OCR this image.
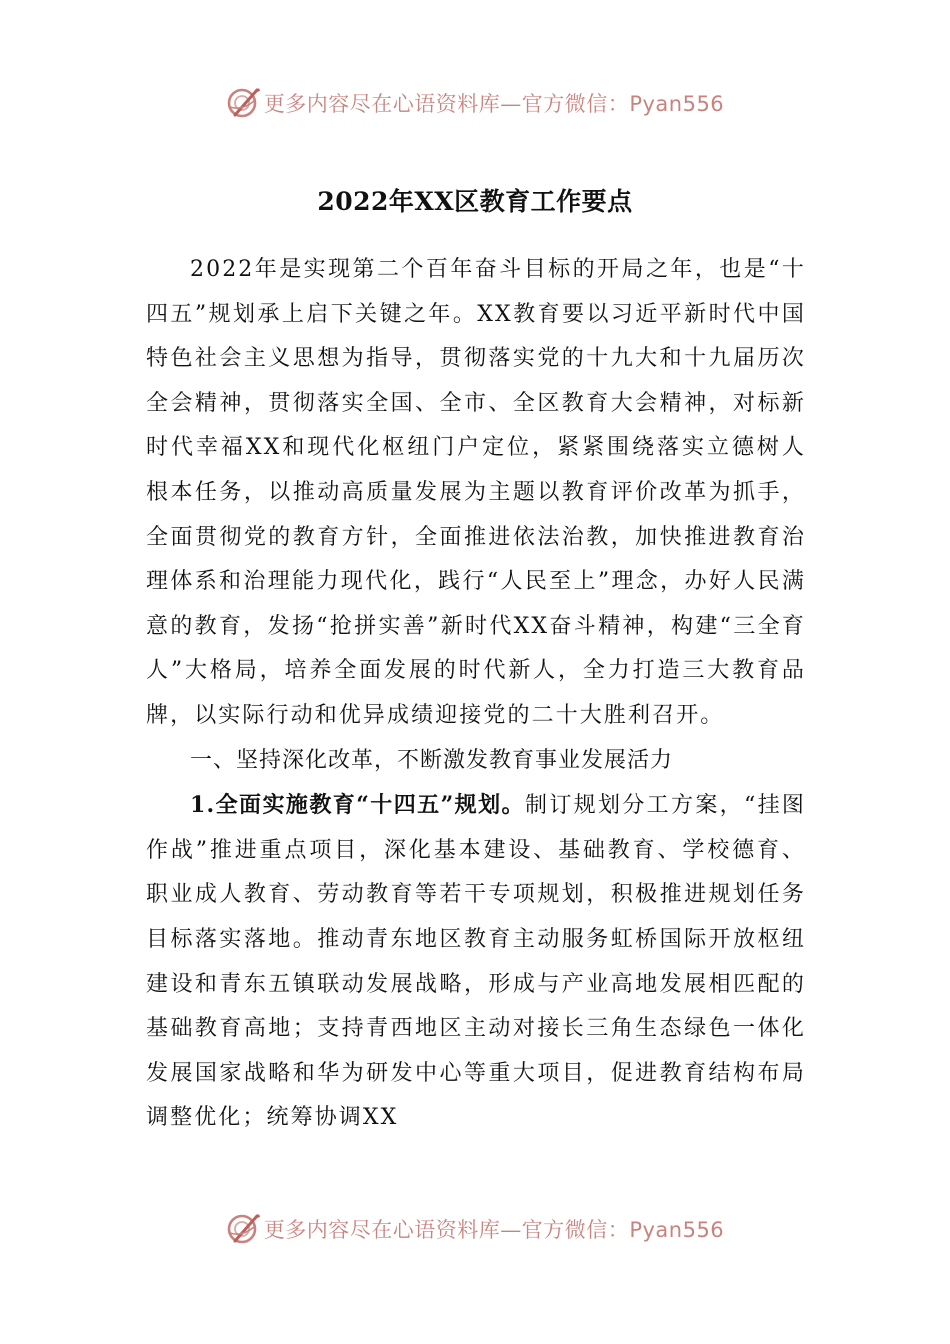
更多内容尽在心语资料库—官方微信：Pyan556
2022年XX区教育工作要点

2022年是实现第二个百年奋斗目标的开局之年，也是“十四五”规划承上启下关键之年。XX教育要以习近平新时代中国特色社会主义思想为指导，贯彻落实党的十九大和十九届历次全会精神，贯彻落实全国、全市、全区教育大会精神，对标新时代幸福XX和现代化枢纽门户定位，紧紧围绕落实立德树人根本任务，以推动高质量发展为主题以教育评价改革为抓手，全面贯彻党的教育方针，全面推进依法治教，加快推进教育治理体系和治理能力现代化，践行“人民至上”理念，办好人民满意的教育，发扬“抢拼实善”新时代XX奋斗精神，构建“三全育人”大格局，培养全面发展的时代新人，全力打造三大教育品牌，以实际行动和优异成绩迎接党的二十大胜利召开。

一、坚持深化改革，不断激发教育事业发展活力

1.全面实施教育“十四五”规划。制订规划分工方案，“挂图作战”推进重点项目，深化基本建设、基础教育、学校德育、职业成人教育、劳动教育等若干专项规划，积极推进规划任务目标落实落地。推动青东地区教育主动服务虹桥国际开放枢纽建设和青东五镇联动发展战略，形成与产业高地发展相匹配的基础教育高地；支持青西地区主动对接长三角生态绿色一体化发展国家战略和华为研发中心等重大项目，促进教育结构布局调整优化；统筹协调XX

更多内容尽在心语资料库—官方微信：Pyan556
